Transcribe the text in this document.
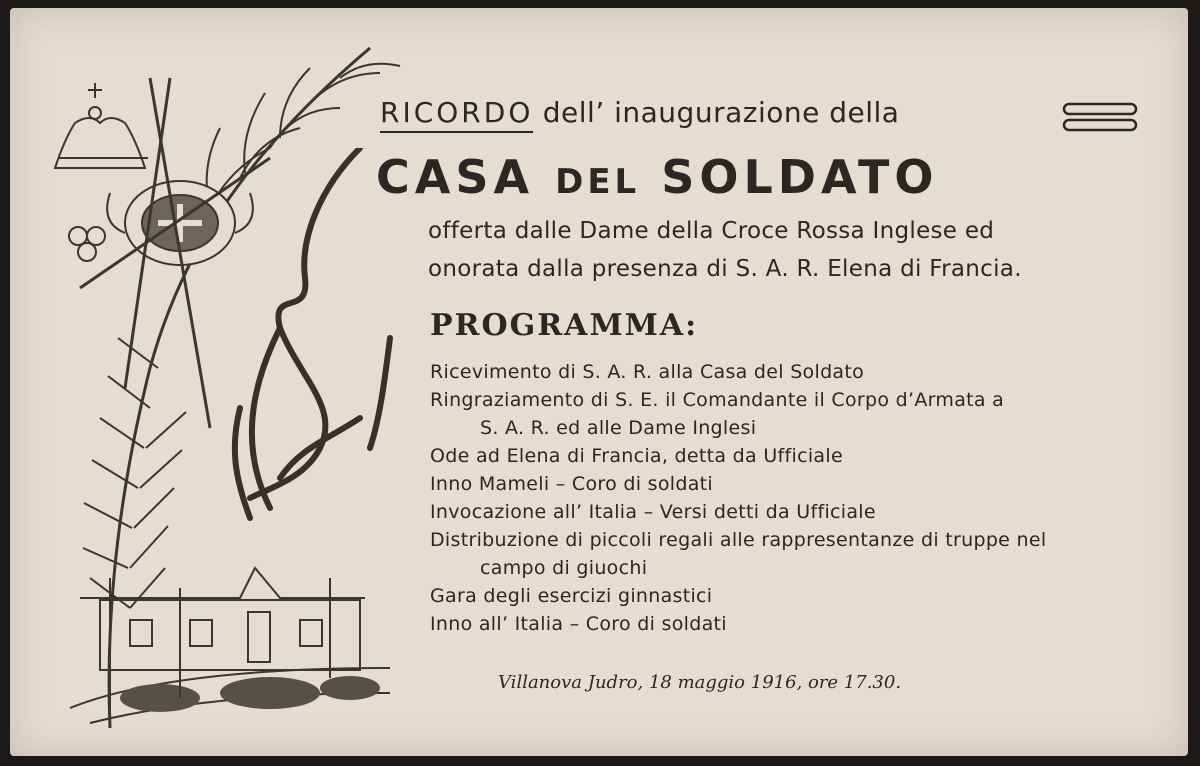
RICORDO dell’ inaugurazione della
CASA DEL SOLDATO
offerta dalle Dame della Croce Rossa Inglese ed
onorata dalla presenza di S. A. R. Elena di Francia.
PROGRAMMA:
Ricevimento di S. A. R. alla Casa del Soldato
Ringraziamento di S. E. il Comandante il Corpo d’Armata a
S. A. R. ed alle Dame Inglesi
Ode ad Elena di Francia, detta da Ufficiale
Inno Mameli – Coro di soldati
Invocazione all’ Italia – Versi detti da Ufficiale
Distribuzione di piccoli regali alle rappresentanze di truppe nel
campo di giuochi
Gara degli esercizi ginnastici
Inno all’ Italia – Coro di soldati
Villanova Judro, 18 maggio 1916, ore 17.30.
